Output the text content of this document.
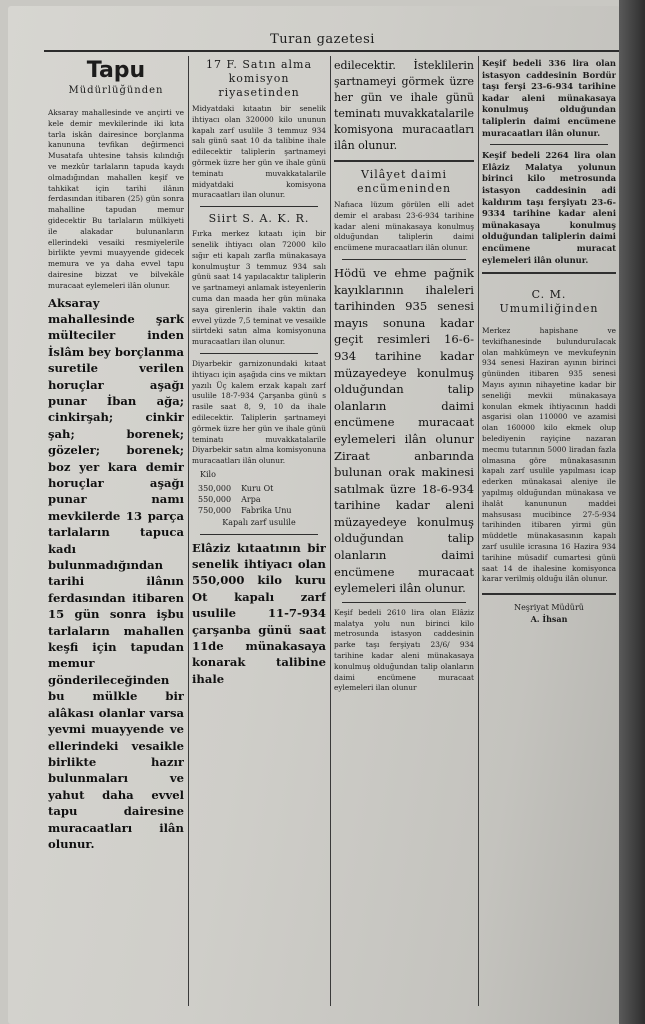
Turan gazetesi

Tapu

Müdürlüğünden

Aksaray mahallesinde ve ançirti ve kele demir mevkilerinde iki kıta tarla iskân dairesince borçlanma kanununa tevfikan değirmenci Musatafa uhtesine tahsis kılındığı ve mezkûr tarlaların tapuda kaydı olmadığından mahallen keşif ve tahkikat için tarihi ilânın ferdasından itibaren (25) gün sonra mahalline tapudan memur gidecektir Bu tarlaların mülkiyeti ile alakadar bulunanların ellerindeki vesaiki resmiyelerile birlikte yevmi muayyende gidecek memura ve ya daha evvel tapu dairesine bizzat ve bilvekâle muracaat eylemeleri ilân olunur.

Aksaray mahallesinde şark mülteciler inden İslâm bey borçlanma suretile verilen horuçlar aşağı punar İban ağa; cinkirşah; cinkir şah; borenek; gözeler; borenek; boz yer kara demir horuçlar aşağı punar namı mevkilerde 13 parça tarlaların tapuca kadı bulunmadığından tarihi ilânın ferdasından itibaren 15 gün sonra işbu tarlaların mahallen keşfi için tapudan memur gönderileceğinden bu mülkle bir alâkası olanlar varsa yevmi muayyende ve ellerindeki vesaikle birlikte hazır bulunmaları ve yahut daha evvel tapu dairesine muracaatları ilân olunur.

17 F. Satın alma komisyon riyasetinden

Midyatdaki kıtaatın bir senelik ihtiyacı olan 320000 kilo ununun kapalı zarf usulile 3 temmuz 934 salı günü saat 10 da talibine ihale edilecektir taliplerin şartnameyi görmek üzre her gün ve ihale günü teminatı muvakkatalarile midyatdaki komisyona muracaatları ilan olunur.

Siirt S. A. K. R.

Fırka merkez kıtaatı için bir senelik ihtiyacı olan 72000 kilo sığır eti kapalı zarfla münakasaya konulmuştur 3 temmuz 934 salı günü saat 14 yapılacaktır taliplerin ve şartnameyi anlamak isteyenlerin cuma dan maada her gün münaka saya girenlerin ihale vaktin dan evvel yüzde 7,5 teminat ve vesaikle siirtdeki satın alma komisyonuna muracaatları ilan olunur.

Diyarbekir garnizonundaki kıtaat ihtiyacı için aşağıda cins ve miktarı yazılı Üç kalem erzak kapalı zarf usulile 18-7-934 Çarşanba günü s rasile saat 8, 9, 10 da ihale edilecektir. Taliplerin şartnameyi görmek üzre her gün ve ihale günü teminatı muvakkatalarile Diyarbekir satın alma komisyonuna muracaatları ilân olunur.

Kilo

350,000	Kuru Ot
550,000	Arpa
750,000	Fabrika Unu

Kapalı zarf usulile

Elâziz kıtaatının bir senelik ihtiyacı olan 550,000 kilo kuru Ot kapalı zarf usulile 11-7-934 çarşanba günü saat 11de münakasaya konarak talibine ihale

edilecektir. İsteklilerin şartnameyi görmek üzre her gün ve ihale günü teminatı muvakkatalarile komisyona muracaatları ilân olunur.

Vilâyet daimi encümeninden

Nafıaca lüzum görülen elli adet demir el arabası 23-6-934 tarihine kadar aleni münakasaya konulmuş olduğundan taliplerin daimi encümene muracaatları ilân olunur.

Hödü ve ehme pağnik kayıklarının ihaleleri tarihinden 935 senesi mayıs sonuna kadar geçit resimleri 16-6-934 tarihine kadar müzayedeye konulmuş olduğundan talip olanların daimi encümene muracaat eylemeleri ilân olunur Ziraat anbarında bulunan orak makinesi satılmak üzre 18-6-934 tarihine kadar aleni müzayedeye konulmuş olduğundan talip olanların daimi encümene muracaat eylemeleri ilân olunur.

Keşif bedeli 2610 lira olan Elâziz malatya yolu nun birinci kilo metrosunda istasyon caddesinin parke taşı ferşiyatı 23/6/ 934 tarihine kadar aleni münakasaya konulmuş olduğundan talip olanların daimi encümene muracaat eylemeleri ilan olunur

Keşif bedeli 336 lira olan istasyon caddesinin Bordür taşı ferşi 23-6-934 tarihine kadar aleni münakasaya konulmuş olduğundan taliplerin daimi encümene muracaatları ilân olunur.

Keşif bedeli 2264 lira olan Elâziz Malatya yolunun birinci kilo metrosunda istasyon caddesinin adi kaldırım taşı ferşiyatı 23-6-9334 tarihine kadar aleni münakasaya konulmuş olduğundan taliplerin daimi encümene muracat eylemeleri ilân olunur.

C. M. Umumiliğinden

Merkez hapishane ve tevkifhanesinde bulunduruIacak olan mahkûmeyn ve mevkufeynin 934 senesi Haziran ayının birinci gününden itibaren 935 senesi Mayıs ayının nihayetine kadar bir seneliği mevkii münakasaya konulan ekmek ihtiyacının haddi asgarisi olan 110000 ve azamisi olan 160000 kilo ekmek olup belediyenin rayiçine nazaran mecmu tutarının 5000 liradan fazla olmasına göre münakasasının kapalı zarf usulile yapılması icap ederken münakasai aleniye ile yapılmış olduğundan münakasa ve ihalât kanununun maddei mahsusası mucibince 27-5-934 tarihinden itibaren yirmi gün müddetle münakasasının kapalı zarf usulile icrasına 16 Hazira 934 tarihine müsadif cumartesi günü saat 14 de ihalesine komisyonca karar verilmiş olduğu ilân olunur.

Neşriyat Müdürü

A. İhsan
